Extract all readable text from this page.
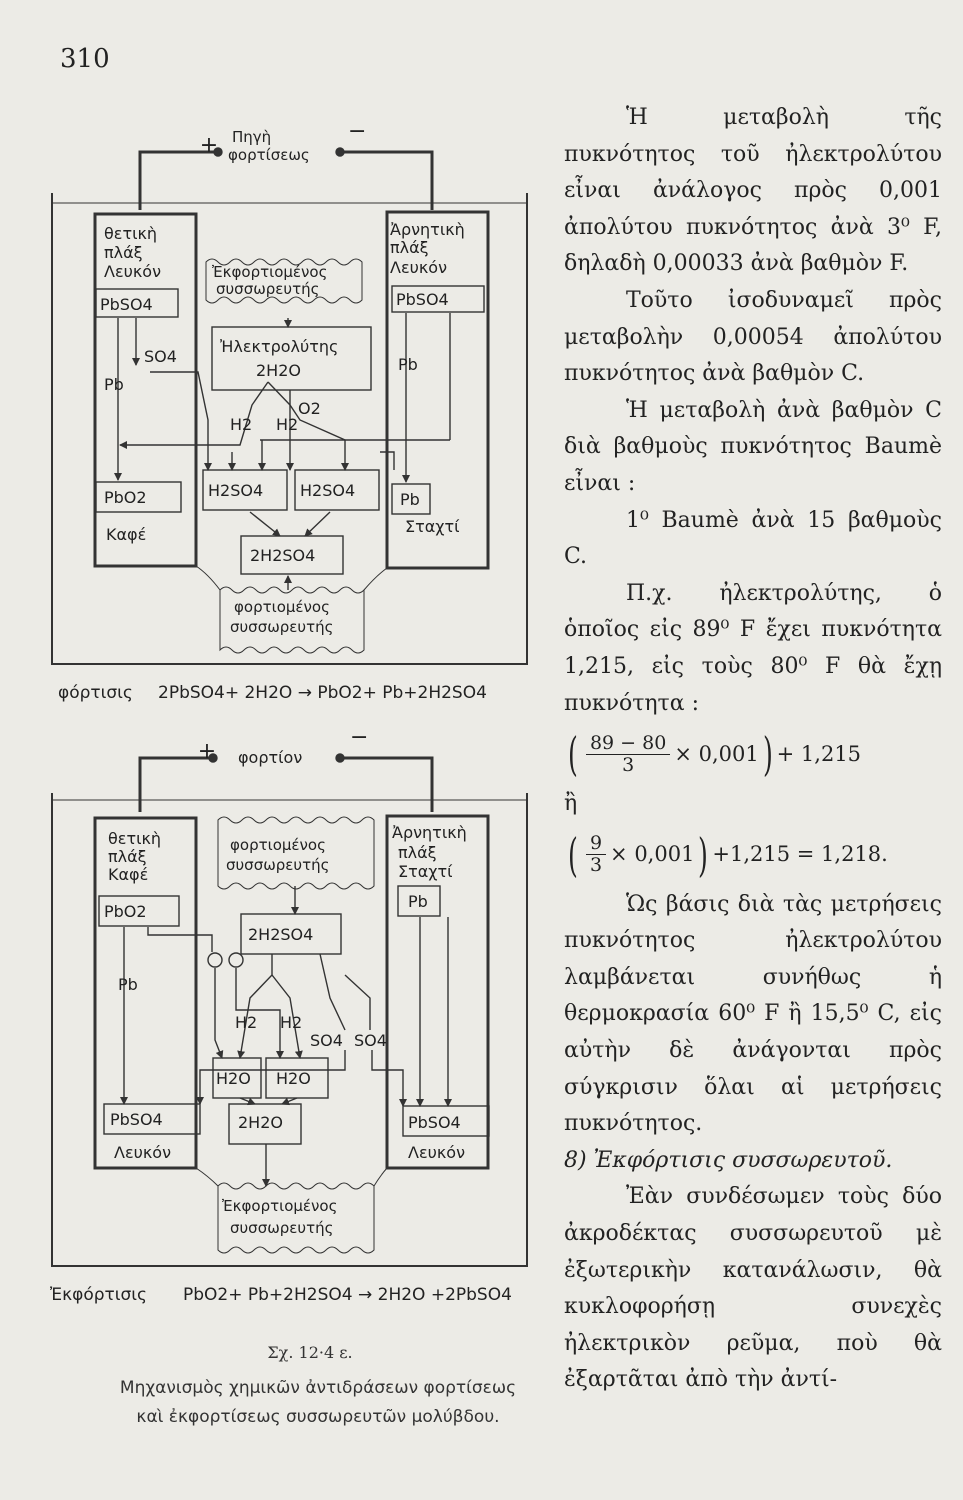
310
+
−
Πηγὴ
φορτίσεως
θετικὴ
πλάξ
Λευκόν
PbSO4
SO4
Pb
PbO2
Καφέ
Ἀρνητικὴ
πλάξ
Λευκόν
PbSO4
Pb
Pb
Σταχτί
Ἐκφορτιομένος
συσσωρευτής
Ἠλεκτρολύτης
2H2O
H2 H2
O2
H2SO4 H2SO4
2H2SO4
φορτιομένος
συσσωρευτής
φόρτισις 2PbSO4+ 2H2O → PbO2+ Pb+2H2SO4
+
−
φορτίον
θετικὴ
πλάξ
Καφέ
PbO2
Pb
PbSO4
Λευκόν
Ἀρνητικὴ
πλάξ
Σταχτί
Pb
PbSO4
Λευκόν
φορτιομένος
συσσωρευτής
2H2SO4
H2 H2
SO4 SO4
H2O H2O
2H2O
Ἐκφορτιομένος
συσσωρευτής
Ἐκφόρτισις PbO2+ Pb+2H2SO4 → 2H2O +2PbSO4
Σχ. 12·4 ε.
Μηχανισμὸς χημικῶν ἀντιδράσεων φορτίσεως
καὶ ἐκφορτίσεως συσσωρευτῶν μολύβδου.

Ἡ μεταβολὴ τῆς πυκνότητος τοῦ ἠλεκτρολύτου εἶναι ἀνάλογος πρὸς 0,001 ἀπολύτου πυκνότητος ἀνὰ 3⁰ F, δηλαδὴ 0,00033 ἀνὰ βαθμὸν F.

Τοῦτο ἰσοδυναμεῖ πρὸς μεταβολὴν 0,00054 ἀπολύτου πυκνότητος ἀνὰ βαθμὸν C.

Ἡ μεταβολὴ ἀνὰ βαθμὸν C διὰ βαθμοὺς πυκνότητος Baumè εἶναι :

1⁰ Baumè ἀνὰ 15 βαθμοὺς C.

Π.χ. ἠλεκτρολύτης, ὁ ὁποῖος εἰς 89⁰ F ἔχει πυκνότητα 1,215, εἰς τοὺς 80⁰ F θὰ ἔχῃ πυκνότητα :

( $\frac{89 - 80}{3} \times 0,001$ ) + 1,215

ἢ

( $\frac{9}{3} \times 0,001$ ) +1,215 = 1,218.

Ὡς βάσις διὰ τὰς μετρήσεις πυκνότητος ἠλεκτρολύτου λαμβάνεται συνήθως ἡ θερμοκρασία 60⁰ F ἢ 15,5⁰ C, εἰς αὐτὴν δὲ ἀνάγονται πρὸς σύγκρισιν ὅλαι αἱ μετρήσεις πυκνότητος.

8) Ἐκφόρτισις συσσωρευτοῦ.

Ἐὰν συνδέσωμεν τοὺς δύο ἀκροδέκτας συσσωρευτοῦ μὲ ἐξωτερικὴν κατανάλωσιν, θὰ κυκλοφορήσῃ συνεχὲς ἠλεκτρικὸν ρεῦμα, ποὺ θὰ ἐξαρτᾶται ἀπὸ τὴν ἀντί-
